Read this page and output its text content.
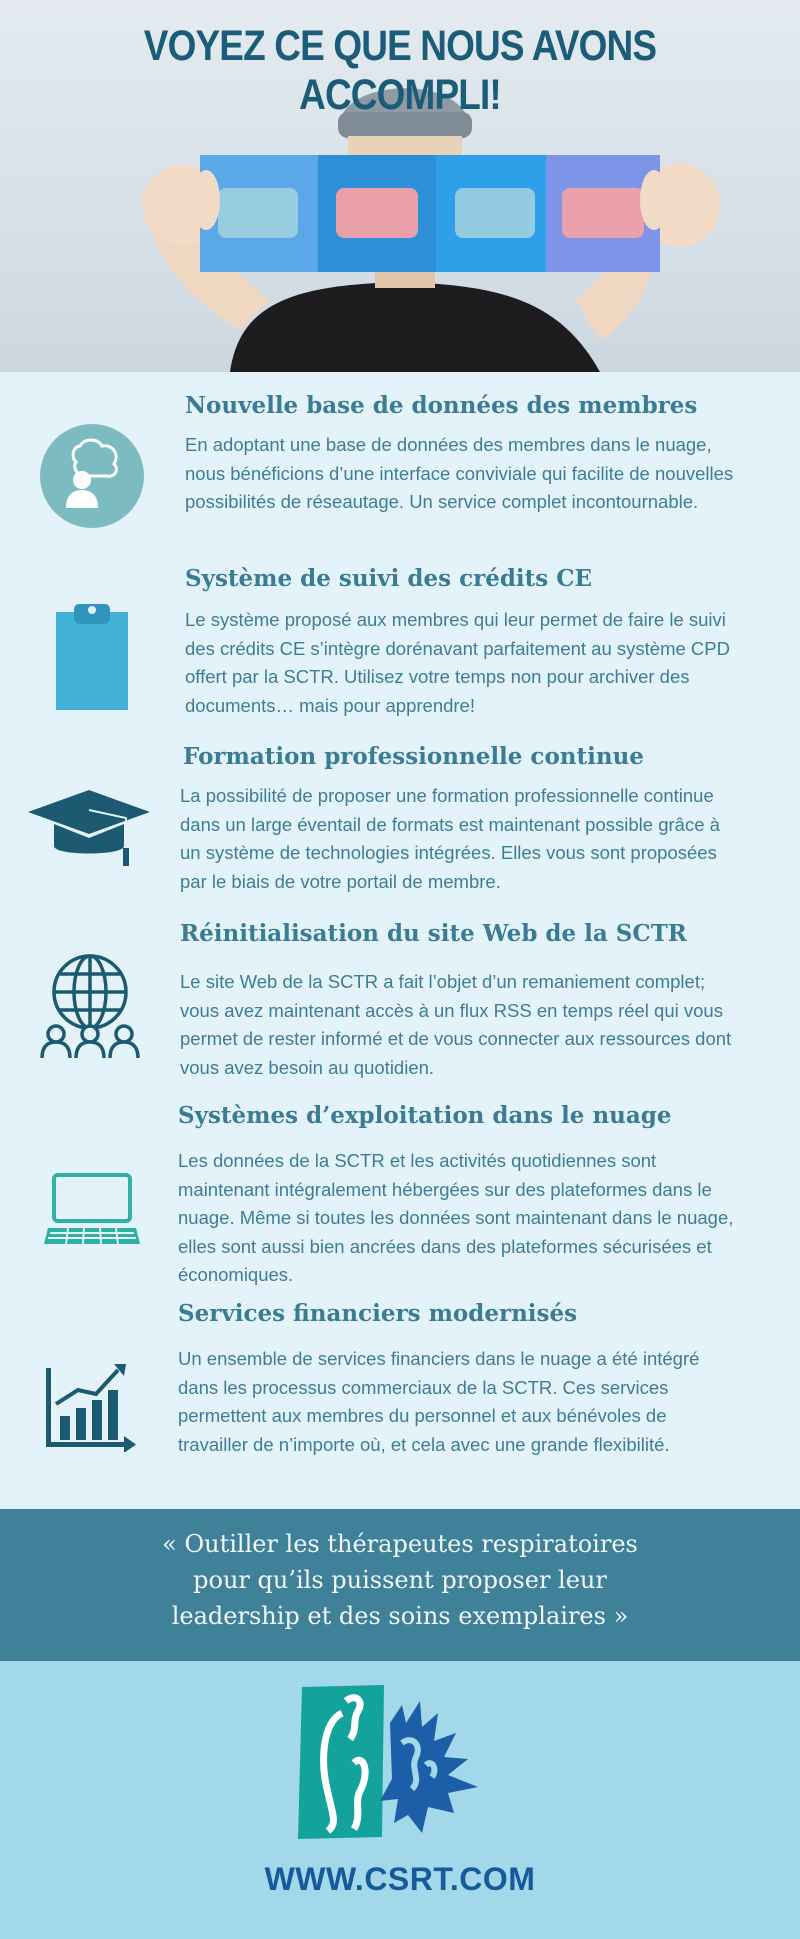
VOYEZ CE QUE NOUS AVONS ACCOMPLI!
Nouvelle base de données des membres

En adoptant une base de données des membres dans le nuage, nous bénéficions d’une interface conviviale qui facilite de nouvelles possibilités de réseautage. Un service complet incontournable.

Système de suivi des crédits CE

Le système proposé aux membres qui leur permet de faire le suivi des crédits CE s’intègre dorénavant parfaitement au système CPD offert par la SCTR. Utilisez votre temps non pour archiver des documents… mais pour apprendre!

Formation professionnelle continue

La possibilité de proposer une formation professionnelle continue dans un large éventail de formats est maintenant possible grâce à un système de technologies intégrées. Elles vous sont proposées par le biais de votre portail de membre.

Réinitialisation du site Web de la SCTR

Le site Web de la SCTR a fait l’objet d’un remaniement complet; vous avez maintenant accès à un flux RSS en temps réel qui vous permet de rester informé et de vous connecter aux ressources dont vous avez besoin au quotidien.

Systèmes d’exploitation dans le nuage

Les données de la SCTR et les activités quotidiennes sont maintenant intégralement hébergées sur des plateformes dans le nuage. Même si toutes les données sont maintenant dans le nuage, elles sont aussi bien ancrées dans des plateformes sécurisées et économiques.

Services financiers modernisés

Un ensemble de services financiers dans le nuage a été intégré dans les processus commerciaux de la SCTR. Ces services permettent aux membres du personnel et aux bénévoles de travailler de n’importe où, et cela avec une grande flexibilité.

« Outiller les thérapeutes respiratoires
pour qu’ils puissent proposer leur
leadership et des soins exemplaires »

WWW.CSRT.COM
